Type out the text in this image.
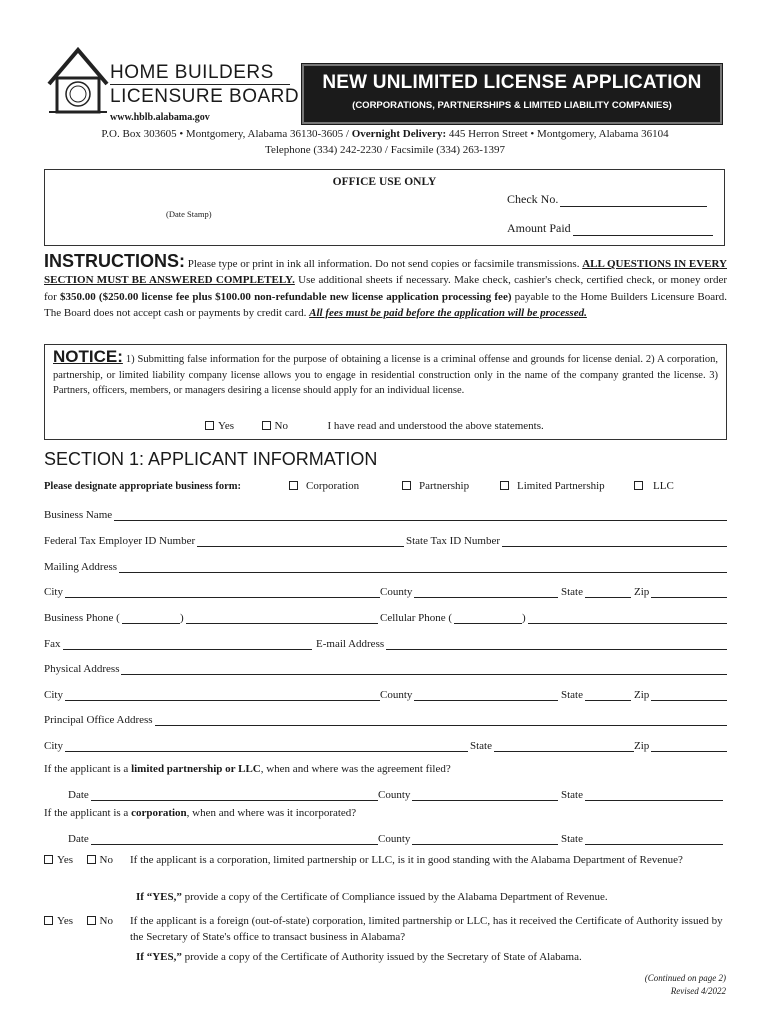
HOME BUILDERS
LICENSURE BOARD
www.hblb.alabama.gov
NEW UNLIMITED LICENSE APPLICATION
(CORPORATIONS, PARTNERSHIPS & LIMITED LIABILITY COMPANIES)
P.O. Box 303605 • Montgomery, Alabama 36130-3605 / Overnight Delivery: 445 Herron Street • Montgomery, Alabama 36104
Telephone (334) 242-2230 / Facsimile (334) 263-1397
OFFICE USE ONLY
(Date Stamp)
Check No.
Amount Paid
INSTRUCTIONS: Please type or print in ink all information. Do not send copies or facsimile transmissions. ALL QUESTIONS IN EVERY SECTION MUST BE ANSWERED COMPLETELY. Use additional sheets if necessary. Make check, cashier's check, certified check, or money order for $350.00 ($250.00 license fee plus $100.00 non-refundable new license application processing fee) payable to the Home Builders Licensure Board. The Board does not accept cash or payments by credit card. All fees must be paid before the application will be processed.
NOTICE: 1) Submitting false information for the purpose of obtaining a license is a criminal offense and grounds for license denial. 2) A corporation, partnership, or limited liability company license allows you to engage in residential construction only in the name of the company granted the license. 3) Partners, officers, members, or managers desiring a license should apply for an individual license.
Yes	No	I have read and understood the above statements.
SECTION 1: APPLICANT INFORMATION
Please designate appropriate business form:	Corporation	Partnership	Limited Partnership	LLC
Business Name
Federal Tax Employer ID Number	State Tax ID Number
Mailing Address
City	County	State	Zip
Business Phone (	)	Cellular Phone (	)
Fax	E-mail Address
Physical Address
City	County	State	Zip
Principal Office Address
City	State	Zip
If the applicant is a limited partnership or LLC, when and where was the agreement filed?
Date	County	State
If the applicant is a corporation, when and where was it incorporated?
Date	County	State
Yes No If the applicant is a corporation, limited partnership or LLC, is it in good standing with the Alabama Department of Revenue?
If “YES,” provide a copy of the Certificate of Compliance issued by the Alabama Department of Revenue.
Yes No If the applicant is a foreign (out-of-state) corporation, limited partnership or LLC, has it received the Certificate of Authority issued by the Secretary of State's office to transact business in Alabama?
If “YES,” provide a copy of the Certificate of Authority issued by the Secretary of State of Alabama.
(Continued on page 2)
Revised 4/2022
